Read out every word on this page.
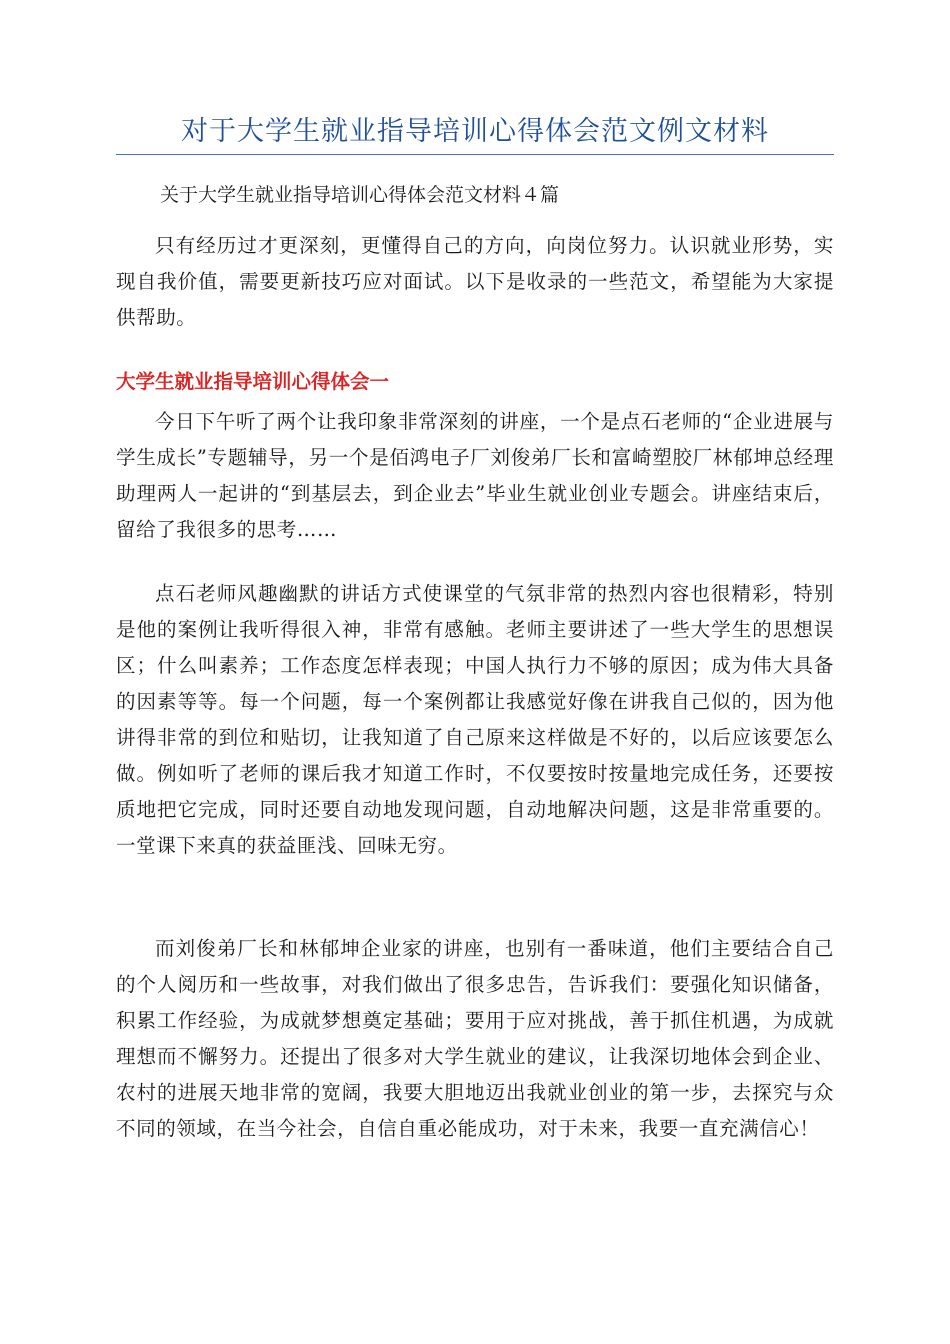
对于大学生就业指导培训心得体会范文例文材料

关于大学生就业指导培训心得体会范文材料４篇

只有经历过才更深刻，更懂得自己的方向，向岗位努力。认识就业形势，实现自我价值，需要更新技巧应对面试。以下是收录的一些范文，希望能为大家提供帮助。

大学生就业指导培训心得体会一

今日下午听了两个让我印象非常深刻的讲座，一个是点石老师的“企业进展与学生成长”专题辅导，另一个是佰鸿电子厂刘俊弟厂长和富崎塑胶厂林郁坤总经理助理两人一起讲的“到基层去，到企业去”毕业生就业创业专题会。讲座结束后，留给了我很多的思考……

点石老师风趣幽默的讲话方式使课堂的气氛非常的热烈内容也很精彩，特别是他的案例让我听得很入神，非常有感触。老师主要讲述了一些大学生的思想误区；什么叫素养；工作态度怎样表现；中国人执行力不够的原因；成为伟大具备的因素等等。每一个问题，每一个案例都让我感觉好像在讲我自己似的，因为他讲得非常的到位和贴切，让我知道了自己原来这样做是不好的，以后应该要怎么做。例如听了老师的课后我才知道工作时，不仅要按时按量地完成任务，还要按质地把它完成，同时还要自动地发现问题，自动地解决问题，这是非常重要的。一堂课下来真的获益匪浅、回味无穷。

而刘俊弟厂长和林郁坤企业家的讲座，也别有一番味道，他们主要结合自己的个人阅历和一些故事，对我们做出了很多忠告，告诉我们：要强化知识储备，积累工作经验，为成就梦想奠定基础；要用于应对挑战，善于抓住机遇，为成就理想而不懈努力。还提出了很多对大学生就业的建议，让我深切地体会到企业、农村的进展天地非常的宽阔，我要大胆地迈出我就业创业的第一步，去探究与众不同的领域，在当今社会，自信自重必能成功，对于未来，我要一直充满信心！
